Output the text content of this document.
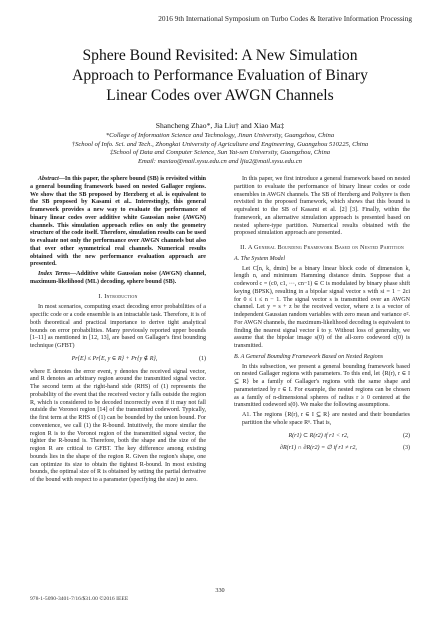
2016 9th International Symposium on Turbo Codes & Iterative Information Processing
Sphere Bound Revisited: A New Simulation
Approach to Performance Evaluation of Binary
Linear Codes over AWGN Channels
Shancheng Zhao*, Jia Liu† and Xiao Ma‡
*College of Information Science and Technology, Jinan University, Guangzhou, China
†School of Info. Sci. and Tech., Zhongkai University of Agriculture and Engineering, Guangzhou 510225, China
‡School of Data and Computer Science, Sun Yat-sen University, Guangzhou, China
Email: maxiao@mail.sysu.edu.cn and ljia2@mail.sysu.edu.cn

Abstract—In this paper, the sphere bound (SB) is revisited within a general bounding framework based on nested Gallager regions. We show that the SB proposed by Herzberg et al. is equivalent to the SB proposed by Kasami et al.. Interestingly, this general framework provides a new way to evaluate the performance of binary linear codes over additive white Gaussian noise (AWGN) channels. This simulation approach relies on only the geometry structure of the code itself. Therefore, simulation results can be used to evaluate not only the performance over AWGN channels but also that over other symmetrical real channels. Numerical results obtained with the new performance evaluation approach are presented.

Index Terms—Additive white Gaussian noise (AWGN) channel, maximum-likelihood (ML) decoding, sphere bound (SB).

I. Introduction

In most scenarios, computing exact decoding error probabilities of a specific code or a code ensemble is an intractable task. Therefore, it is of both theoretical and practical importance to derive tight analytical bounds on error probabilities. Many previously reported upper bounds [1–11] as mentioned in [12, 13], are based on Gallager's first bounding technique (GFBT)

Pr{E} ≤ Pr{E, y ∈ R} + Pr{y ∉ R},	(1)

where E denotes the error event, y denotes the received signal vector, and R denotes an arbitrary region around the transmitted signal vector. The second term at the right-hand side (RHS) of (1) represents the probability of the event that the received vector y falls outside the region R, which is considered to be decoded incorrectly even if it may not fall outside the Voronoi region [14] of the transmitted codeword. Typically, the first term at the RHS of (1) can be bounded by the union bound. For convenience, we call (1) the R-bound. Intuitively, the more similar the region R is to the Voronoi region of the transmitted signal vector, the tighter the R-bound is. Therefore, both the shape and the size of the region R are critical to GFBT. The key difference among existing bounds lies in the shape of the region R. Given the region's shape, one can optimize its size to obtain the tightest R-bound. In most existing bounds, the optimal size of R is obtained by setting the partial derivative of the bound with respect to a parameter (specifying the size) to zero.

In this paper, we first introduce a general framework based on nested partition to evaluate the performance of binary linear codes or code ensembles in AWGN channels. The SB of Herzberg and Poltyrev is then revisited in the proposed framework, which shows that this bound is equivalent to the SB of Kasami et al. [2] [3]. Finally, within the framework, an alternative simulation approach is presented based on nested sphere-type partition. Numerical results obtained with the proposed simulation approach are presented.

II. A General Bounding Framework Based on Nested Partition
A. The System Model

Let C[n, k, dmin] be a binary linear block code of dimension k, length n, and minimum Hamming distance dmin. Suppose that a codeword c = (c0, c1, ···, cn−1) ∈ C is modulated by binary phase shift keying (BPSK), resulting in a bipolar signal vector s with si = 1 − 2ci for 0 ≤ i ≤ n − 1. The signal vector s is transmitted over an AWGN channel. Let y = s + z be the received vector, where z is a vector of independent Gaussian random variables with zero mean and variance σ². For AWGN channels, the maximum-likelihood decoding is equivalent to finding the nearest signal vector ŝ to y. Without loss of generality, we assume that the bipolar image s(0) of the all-zero codeword c(0) is transmitted.

B. A General Bounding Framework Based on Nested Regions

In this subsection, we present a general bounding framework based on nested Gallager regions with parameters. To this end, let {R(r), r ∈ I ⊆ R} be a family of Gallager's regions with the same shape and parameterized by r ∈ I. For example, the nested regions can be chosen as a family of n-dimensional spheres of radius r ≥ 0 centered at the transmitted codeword s(0). We make the following assumptions.

A1. The regions {R(r), r ∈ I ⊆ R} are nested and their boundaries partition the whole space Rⁿ. That is,

R(r1) ⊂ R(r2) if r1 < r2,	(2)
∂R(r1) ∩ ∂R(r2) = ∅ if r1 ≠ r2,	(3)
330
978-1-5090-3401-7/16/$31.00 ©2016 IEEE
